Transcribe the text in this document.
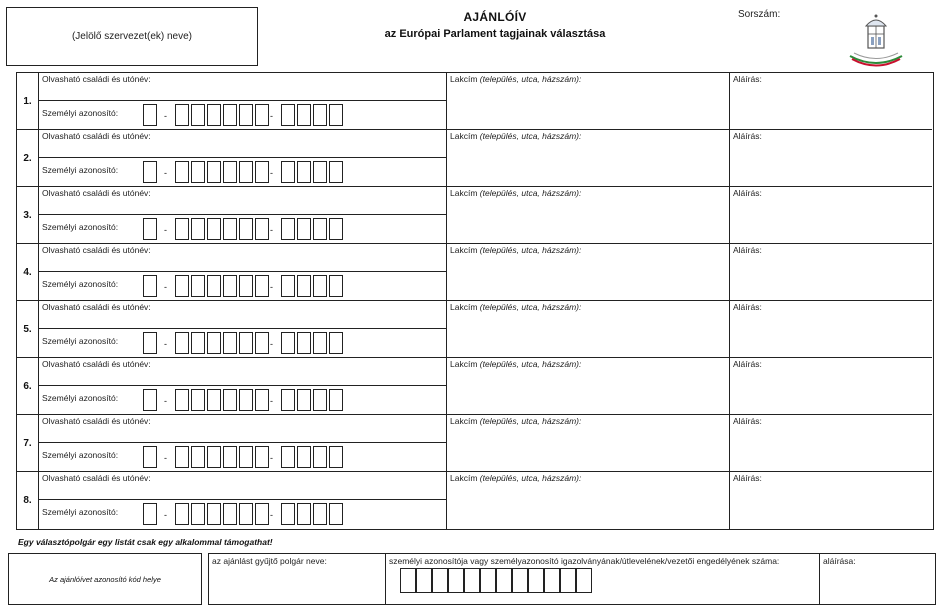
(Jelölő szervezet(ek) neve)
AJÁNLÓÍV
az Európai Parlament tagjainak választása
Sorszám:
1.
Olvasható családi és utónév:
Személyi azonosító:	-	-
Lakcím (település, utca, házszám):	Aláírás:
2.
Olvasható családi és utónév:
Személyi azonosító:	-	-
Lakcím (település, utca, házszám):	Aláírás:
3.
Olvasható családi és utónév:
Személyi azonosító:	-	-
Lakcím (település, utca, házszám):	Aláírás:
4.
Olvasható családi és utónév:
Személyi azonosító:	-	-
Lakcím (település, utca, házszám):	Aláírás:
5.
Olvasható családi és utónév:
Személyi azonosító:	-	-
Lakcím (település, utca, házszám):	Aláírás:
6.
Olvasható családi és utónév:
Személyi azonosító:	-	-
Lakcím (település, utca, házszám):	Aláírás:
7.
Olvasható családi és utónév:
Személyi azonosító:	-	-
Lakcím (település, utca, házszám):	Aláírás:
8.
Olvasható családi és utónév:
Személyi azonosító:	-	-
Lakcím (település, utca, házszám):	Aláírás:
Egy választópolgár egy listát csak egy alkalommal támogathat!
Az ajánlóívet azonosító kód helye
az ajánlást gyűjtő polgár neve:	személyi azonosítója vagy személyazonosító igazolványának/útlevelének/vezetői engedélyének száma:	aláírása:
